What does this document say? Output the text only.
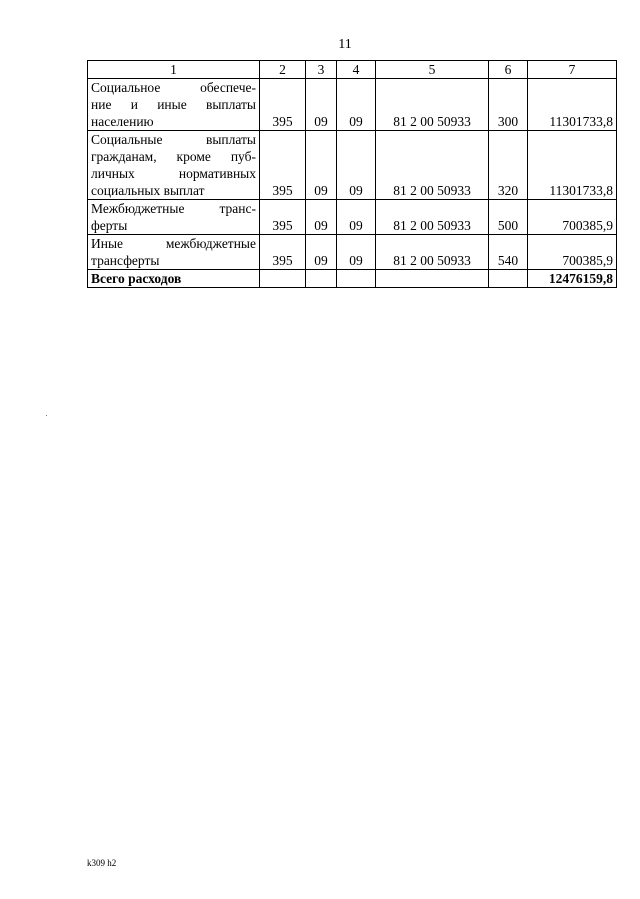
11
1	2	3	4	5	6	7

Социальное обеспече-
ние и иные выплаты
населению	395	09	09	81 2 00 50933	300	11301733,8

Социальные выплаты
гражданам, кроме пуб-
личных нормативных
социальных выплат	395	09	09	81 2 00 50933	320	11301733,8

Межбюджетные транс-
ферты	395	09	09	81 2 00 50933	500	700385,9

Иные межбюджетные
трансферты	395	09	09	81 2 00 50933	540	700385,9
Всего расходов						12476159,8
k309 h2
